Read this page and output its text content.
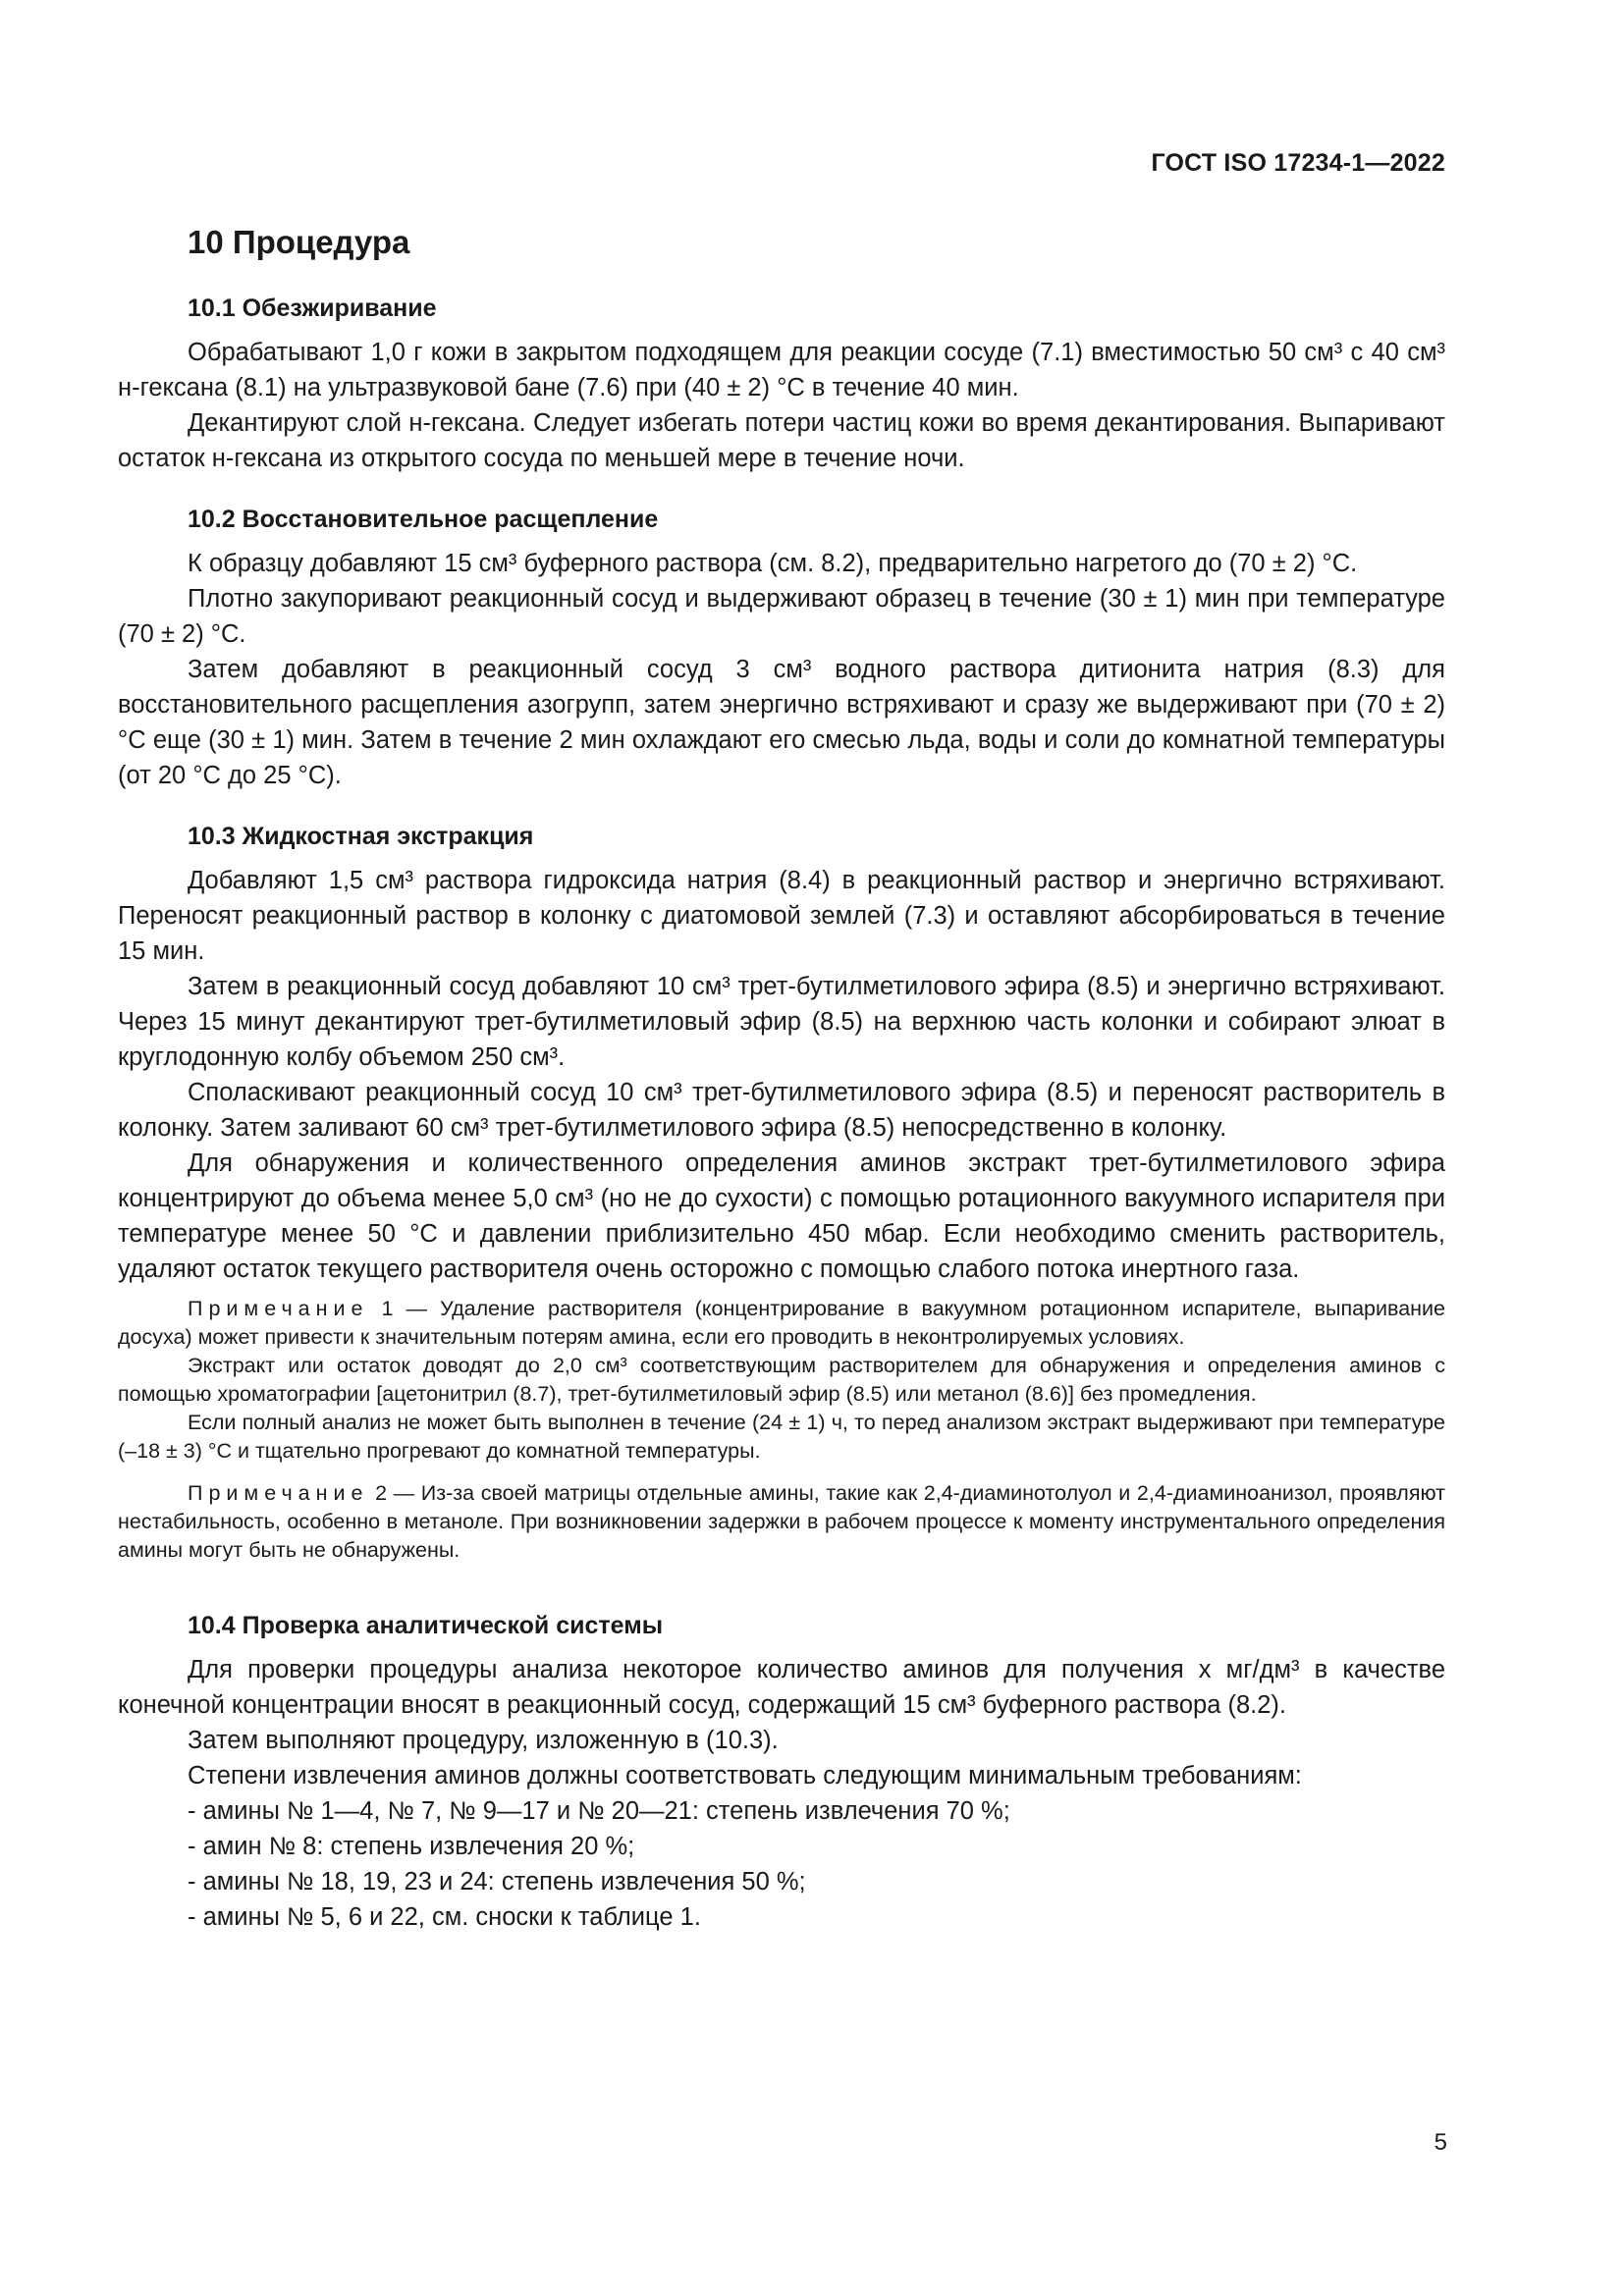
ГОСТ ISO 17234-1—2022
10 Процедура
10.1 Обезжиривание

Обрабатывают 1,0 г кожи в закрытом подходящем для реакции сосуде (7.1) вместимостью 50 см³ с 40 см³ н-гексана (8.1) на ультразвуковой бане (7.6) при (40 ± 2) °С в течение 40 мин.

Декантируют слой н-гексана. Следует избегать потери частиц кожи во время декантирования. Выпаривают остаток н-гексана из открытого сосуда по меньшей мере в течение ночи.

10.2 Восстановительное расщепление

К образцу добавляют 15 см³ буферного раствора (см. 8.2), предварительно нагретого до (70 ± 2) °С.

Плотно закупоривают реакционный сосуд и выдерживают образец в течение (30 ± 1) мин при температуре (70 ± 2) °С.

Затем добавляют в реакционный сосуд 3 см³ водного раствора дитионита натрия (8.3) для восстановительного расщепления азогрупп, затем энергично встряхивают и сразу же выдерживают при (70 ± 2) °С еще (30 ± 1) мин. Затем в течение 2 мин охлаждают его смесью льда, воды и соли до комнатной температуры (от 20 °С до 25 °С).

10.3 Жидкостная экстракция

Добавляют 1,5 см³ раствора гидроксида натрия (8.4) в реакционный раствор и энергично встряхивают. Переносят реакционный раствор в колонку с диатомовой землей (7.3) и оставляют абсорбироваться в течение 15 мин.

Затем в реакционный сосуд добавляют 10 см³ трет-бутилметилового эфира (8.5) и энергично встряхивают. Через 15 минут декантируют трет-бутилметиловый эфир (8.5) на верхнюю часть колонки и собирают элюат в круглодонную колбу объемом 250 см³.

Споласкивают реакционный сосуд 10 см³ трет-бутилметилового эфира (8.5) и переносят растворитель в колонку. Затем заливают 60 см³ трет-бутилметилового эфира (8.5) непосредственно в колонку.

Для обнаружения и количественного определения аминов экстракт трет-бутилметилового эфира концентрируют до объема менее 5,0 см³ (но не до сухости) с помощью ротационного вакуумного испарителя при температуре менее 50 °С и давлении приблизительно 450 мбар. Если необходимо сменить растворитель, удаляют остаток текущего растворителя очень осторожно с помощью слабого потока инертного газа.

Примечание 1 — Удаление растворителя (концентрирование в вакуумном ротационном испарителе, выпаривание досуха) может привести к значительным потерям амина, если его проводить в неконтролируемых условиях.

Экстракт или остаток доводят до 2,0 см³ соответствующим растворителем для обнаружения и определения аминов с помощью хроматографии [ацетонитрил (8.7), трет-бутилметиловый эфир (8.5) или метанол (8.6)] без промедления.

Если полный анализ не может быть выполнен в течение (24 ± 1) ч, то перед анализом экстракт выдерживают при температуре (–18 ± 3) °С и тщательно прогревают до комнатной температуры.

Примечание 2 — Из-за своей матрицы отдельные амины, такие как 2,4-диаминотолуол и 2,4-диаминоанизол, проявляют нестабильность, особенно в метаноле. При возникновении задержки в рабочем процессе к моменту инструментального определения амины могут быть не обнаружены.

10.4 Проверка аналитической системы

Для проверки процедуры анализа некоторое количество аминов для получения x мг/дм³ в качестве конечной концентрации вносят в реакционный сосуд, содержащий 15 см³ буферного раствора (8.2).

Затем выполняют процедуру, изложенную в (10.3).

Степени извлечения аминов должны соответствовать следующим минимальным требованиям:

- амины № 1—4, № 7, № 9—17 и № 20—21: степень извлечения 70 %;
- амин № 8: степень извлечения 20 %;
- амины № 18, 19, 23 и 24: степень извлечения 50 %;
- амины № 5, 6 и 22, см. сноски к таблице 1.
5
